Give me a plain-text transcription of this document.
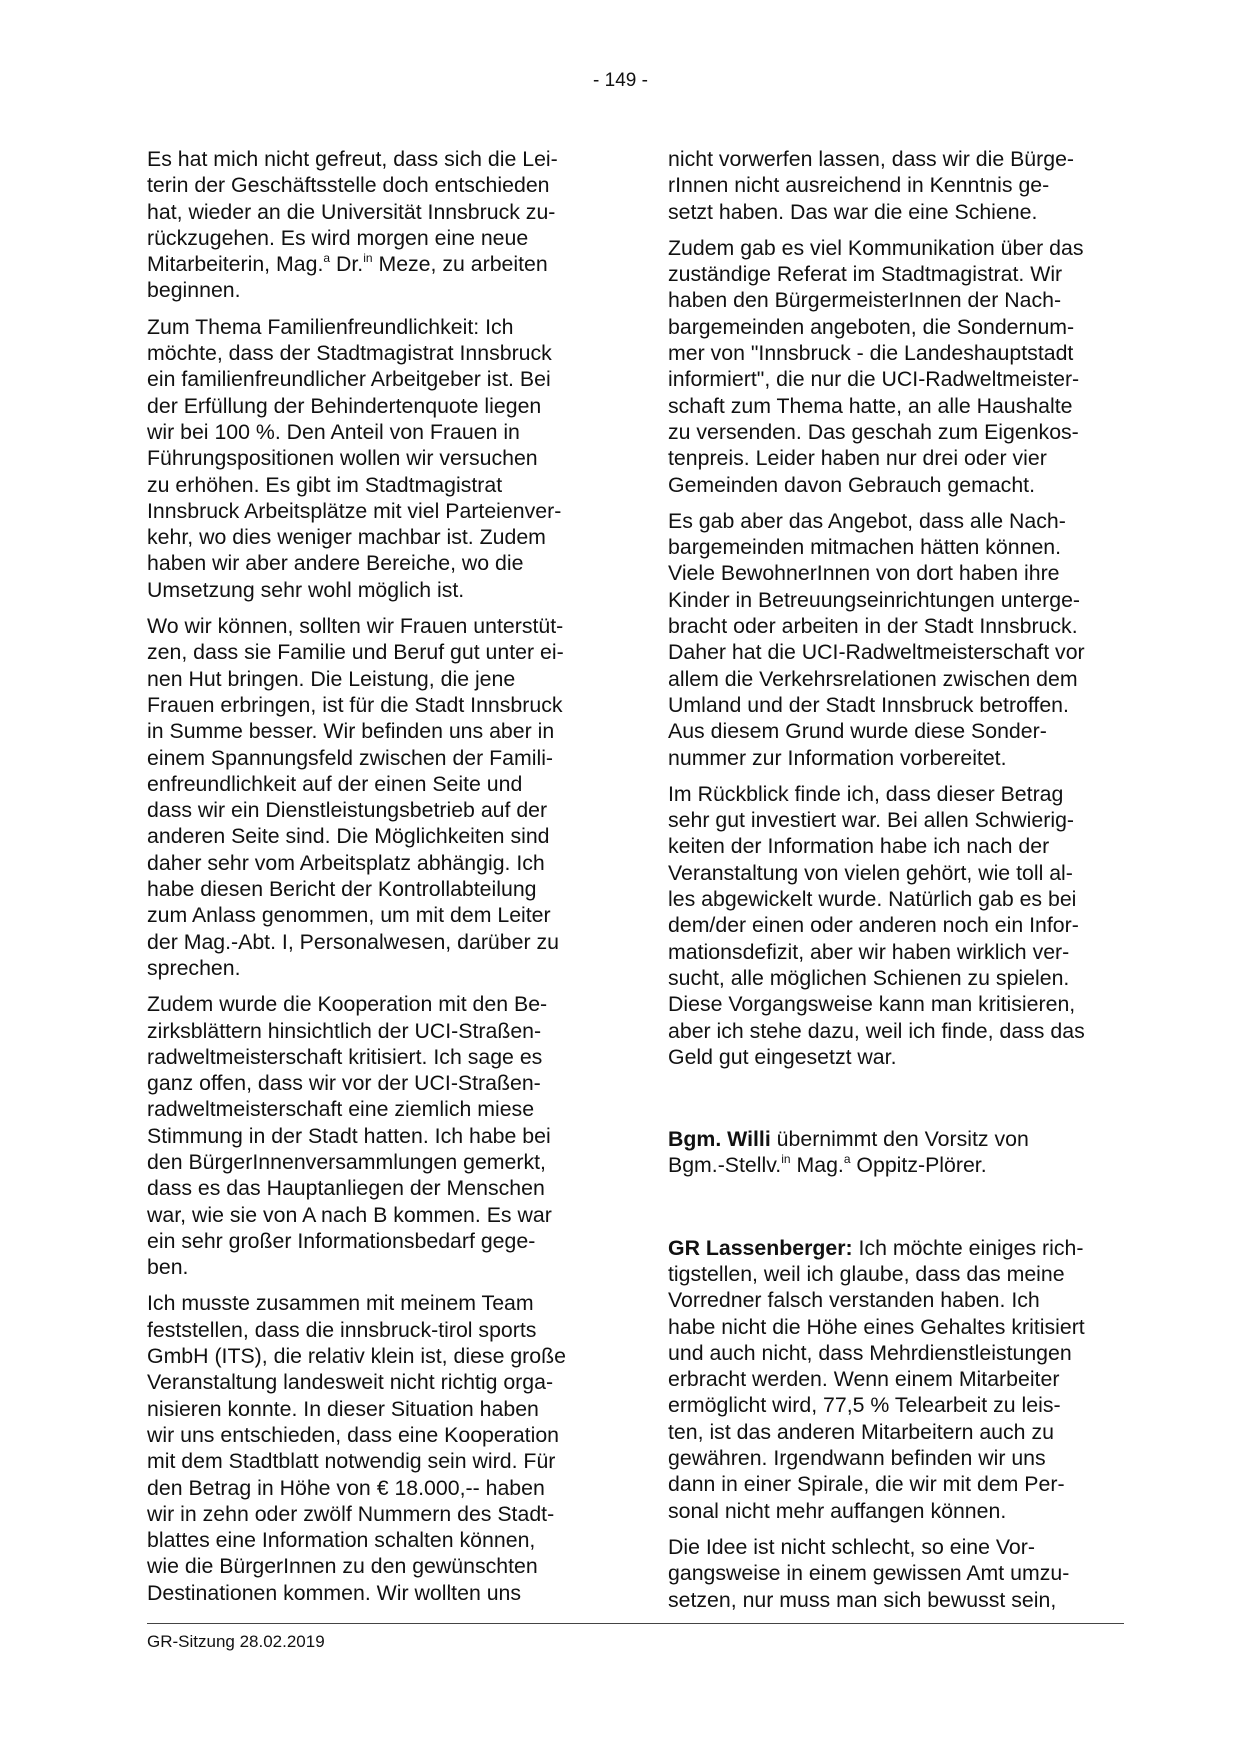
- 149 -
Es hat mich nicht gefreut, dass sich die Lei-
terin der Geschäftsstelle doch entschieden
hat, wieder an die Universität Innsbruck zu-
rückzugehen. Es wird morgen eine neue
Mitarbeiterin, Mag.$^a$ Dr.$^{in}$ Meze, zu arbeiten
beginnen.
Zum Thema Familienfreundlichkeit: Ich
möchte, dass der Stadtmagistrat Innsbruck
ein familienfreundlicher Arbeitgeber ist. Bei
der Erfüllung der Behindertenquote liegen
wir bei 100 %. Den Anteil von Frauen in
Führungspositionen wollen wir versuchen
zu erhöhen. Es gibt im Stadtmagistrat
Innsbruck Arbeitsplätze mit viel Parteienver-
kehr, wo dies weniger machbar ist. Zudem
haben wir aber andere Bereiche, wo die
Umsetzung sehr wohl möglich ist.
Wo wir können, sollten wir Frauen unterstüt-
zen, dass sie Familie und Beruf gut unter ei-
nen Hut bringen. Die Leistung, die jene
Frauen erbringen, ist für die Stadt Innsbruck
in Summe besser. Wir befinden uns aber in
einem Spannungsfeld zwischen der Famili-
enfreundlichkeit auf der einen Seite und
dass wir ein Dienstleistungsbetrieb auf der
anderen Seite sind. Die Möglichkeiten sind
daher sehr vom Arbeitsplatz abhängig. Ich
habe diesen Bericht der Kontrollabteilung
zum Anlass genommen, um mit dem Leiter
der Mag.-Abt. I, Personalwesen, darüber zu
sprechen.
Zudem wurde die Kooperation mit den Be-
zirksblättern hinsichtlich der UCI-Straßen-
radweltmeisterschaft kritisiert. Ich sage es
ganz offen, dass wir vor der UCI-Straßen-
radweltmeisterschaft eine ziemlich miese
Stimmung in der Stadt hatten. Ich habe bei
den BürgerInnenversammlungen gemerkt,
dass es das Hauptanliegen der Menschen
war, wie sie von A nach B kommen. Es war
ein sehr großer Informationsbedarf gege-
ben.
Ich musste zusammen mit meinem Team
feststellen, dass die innsbruck-tirol sports
GmbH (ITS), die relativ klein ist, diese große
Veranstaltung landesweit nicht richtig orga-
nisieren konnte. In dieser Situation haben
wir uns entschieden, dass eine Kooperation
mit dem Stadtblatt notwendig sein wird. Für
den Betrag in Höhe von € 18.000,-- haben
wir in zehn oder zwölf Nummern des Stadt-
blattes eine Information schalten können,
wie die BürgerInnen zu den gewünschten
Destinationen kommen. Wir wollten uns
nicht vorwerfen lassen, dass wir die Bürge-
rInnen nicht ausreichend in Kenntnis ge-
setzt haben. Das war die eine Schiene.
Zudem gab es viel Kommunikation über das
zuständige Referat im Stadtmagistrat. Wir
haben den BürgermeisterInnen der Nach-
bargemeinden angeboten, die Sondernum-
mer von "Innsbruck - die Landeshauptstadt
informiert", die nur die UCI-Radweltmeister-
schaft zum Thema hatte, an alle Haushalte
zu versenden. Das geschah zum Eigenkos-
tenpreis. Leider haben nur drei oder vier
Gemeinden davon Gebrauch gemacht.
Es gab aber das Angebot, dass alle Nach-
bargemeinden mitmachen hätten können.
Viele BewohnerInnen von dort haben ihre
Kinder in Betreuungseinrichtungen unterge-
bracht oder arbeiten in der Stadt Innsbruck.
Daher hat die UCI-Radweltmeisterschaft vor
allem die Verkehrsrelationen zwischen dem
Umland und der Stadt Innsbruck betroffen.
Aus diesem Grund wurde diese Sonder-
nummer zur Information vorbereitet.
Im Rückblick finde ich, dass dieser Betrag
sehr gut investiert war. Bei allen Schwierig-
keiten der Information habe ich nach der
Veranstaltung von vielen gehört, wie toll al-
les abgewickelt wurde. Natürlich gab es bei
dem/der einen oder anderen noch ein Infor-
mationsdefizit, aber wir haben wirklich ver-
sucht, alle möglichen Schienen zu spielen.
Diese Vorgangsweise kann man kritisieren,
aber ich stehe dazu, weil ich finde, dass das
Geld gut eingesetzt war.
Bgm. Willi übernimmt den Vorsitz von
Bgm.-Stellv.$^{in}$ Mag.$^a$ Oppitz-Plörer.
GR Lassenberger: Ich möchte einiges rich-
tigstellen, weil ich glaube, dass das meine
Vorredner falsch verstanden haben. Ich
habe nicht die Höhe eines Gehaltes kritisiert
und auch nicht, dass Mehrdienstleistungen
erbracht werden. Wenn einem Mitarbeiter
ermöglicht wird, 77,5 % Telearbeit zu leis-
ten, ist das anderen Mitarbeitern auch zu
gewähren. Irgendwann befinden wir uns
dann in einer Spirale, die wir mit dem Per-
sonal nicht mehr auffangen können.
Die Idee ist nicht schlecht, so eine Vor-
gangsweise in einem gewissen Amt umzu-
setzen, nur muss man sich bewusst sein,
GR-Sitzung 28.02.2019
